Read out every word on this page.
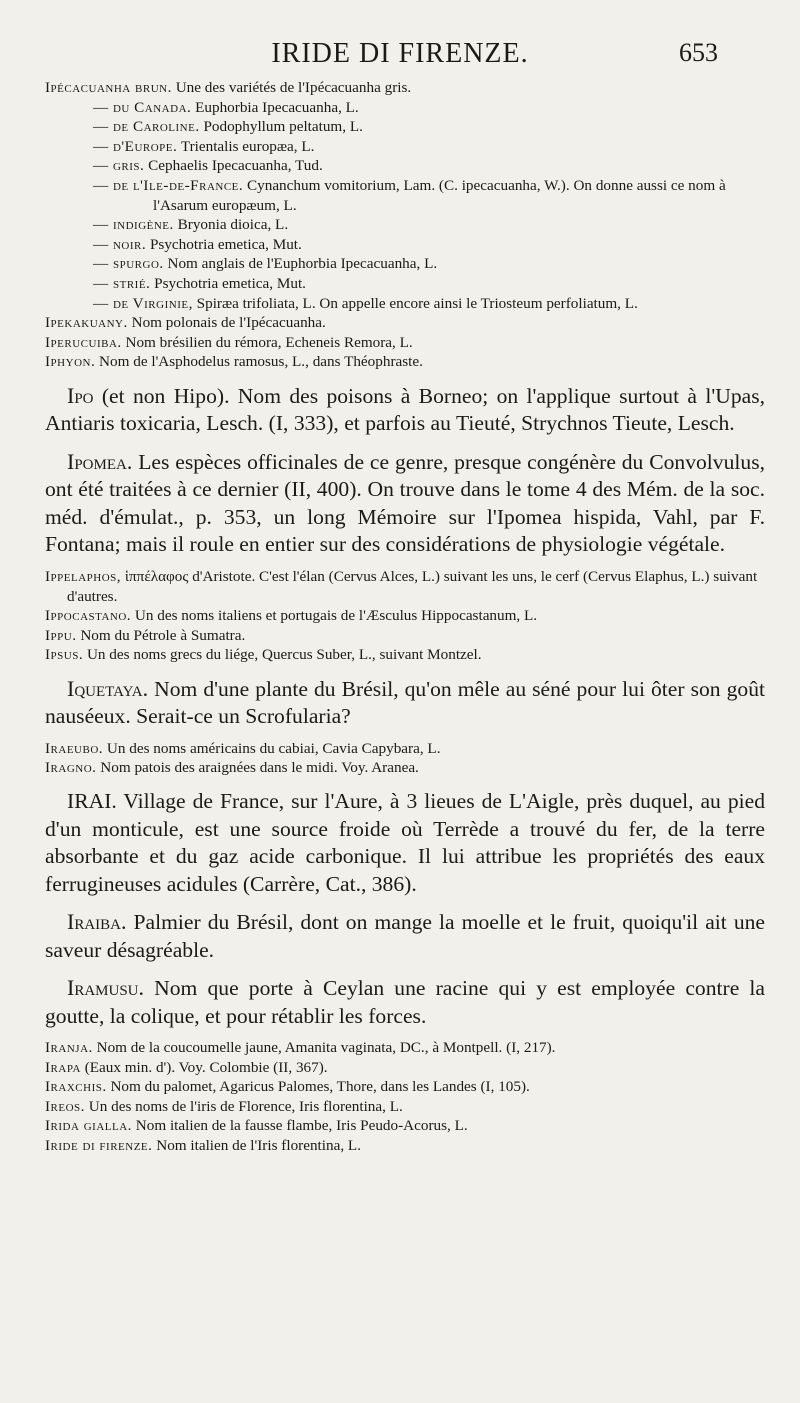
IRIDE DI FIRENZE.	653

Ipécacuanha brun. Une des variétés de l'Ipécacuanha gris.

— du Canada. Euphorbia Ipecacuanha, L.

— de Caroline. Podophyllum peltatum, L.

— d'Europe. Trientalis europæa, L.

— gris. Cephaelis Ipecacuanha, Tud.

— de l'Ile-de-France. Cynanchum vomitorium, Lam. (C. ipecacuanha, W.). On donne aussi ce nom à l'Asarum europæum, L.

— indigène. Bryonia dioica, L.

— noir. Psychotria emetica, Mut.

— spurgo. Nom anglais de l'Euphorbia Ipecacuanha, L.

— strié. Psychotria emetica, Mut.

— de Virginie, Spiræa trifoliata, L. On appelle encore ainsi le Triosteum perfoliatum, L.

Ipekakuany. Nom polonais de l'Ipécacuanha.

Iperucuiba. Nom brésilien du rémora, Echeneis Remora, L.

Iphyon. Nom de l'Asphodelus ramosus, L., dans Théophraste.

Ipo (et non Hipo). Nom des poisons à Borneo; on l'applique surtout à l'Upas, Antiaris toxicaria, Lesch. (I, 333), et parfois au Tieuté, Strychnos Tieute, Lesch.

Ipomea. Les espèces officinales de ce genre, presque congénère du Convolvulus, ont été traitées à ce dernier (II, 400). On trouve dans le tome 4 des Mém. de la soc. méd. d'émulat., p. 353, un long Mémoire sur l'Ipomea hispida, Vahl, par F. Fontana; mais il roule en entier sur des considérations de physiologie végétale.

Ippelaphos, ἱππέλαφος d'Aristote. C'est l'élan (Cervus Alces, L.) suivant les uns, le cerf (Cervus Elaphus, L.) suivant d'autres.

Ippocastano. Un des noms italiens et portugais de l'Æsculus Hippocastanum, L.

Ippu. Nom du Pétrole à Sumatra.

Ipsus. Un des noms grecs du liége, Quercus Suber, L., suivant Montzel.

Iquetaya. Nom d'une plante du Brésil, qu'on mêle au séné pour lui ôter son goût nauséeux. Serait-ce un Scrofularia?

Iraeubo. Un des noms américains du cabiai, Cavia Capybara, L.

Iragno. Nom patois des araignées dans le midi. Voy. Aranea.

IRAI. Village de France, sur l'Aure, à 3 lieues de L'Aigle, près duquel, au pied d'un monticule, est une source froide où Terrède a trouvé du fer, de la terre absorbante et du gaz acide carbonique. Il lui attribue les propriétés des eaux ferrugineuses acidules (Carrère, Cat., 386).

Iraiba. Palmier du Brésil, dont on mange la moelle et le fruit, quoiqu'il ait une saveur désagréable.

Iramusu. Nom que porte à Ceylan une racine qui y est employée contre la goutte, la colique, et pour rétablir les forces.

Iranja. Nom de la coucoumelle jaune, Amanita vaginata, DC., à Montpell. (I, 217).

Irapa (Eaux min. d'). Voy. Colombie (II, 367).

Iraxchis. Nom du palomet, Agaricus Palomes, Thore, dans les Landes (I, 105).

Ireos. Un des noms de l'iris de Florence, Iris florentina, L.

Irida gialla. Nom italien de la fausse flambe, Iris Peudo-Acorus, L.

Iride di firenze. Nom italien de l'Iris florentina, L.
